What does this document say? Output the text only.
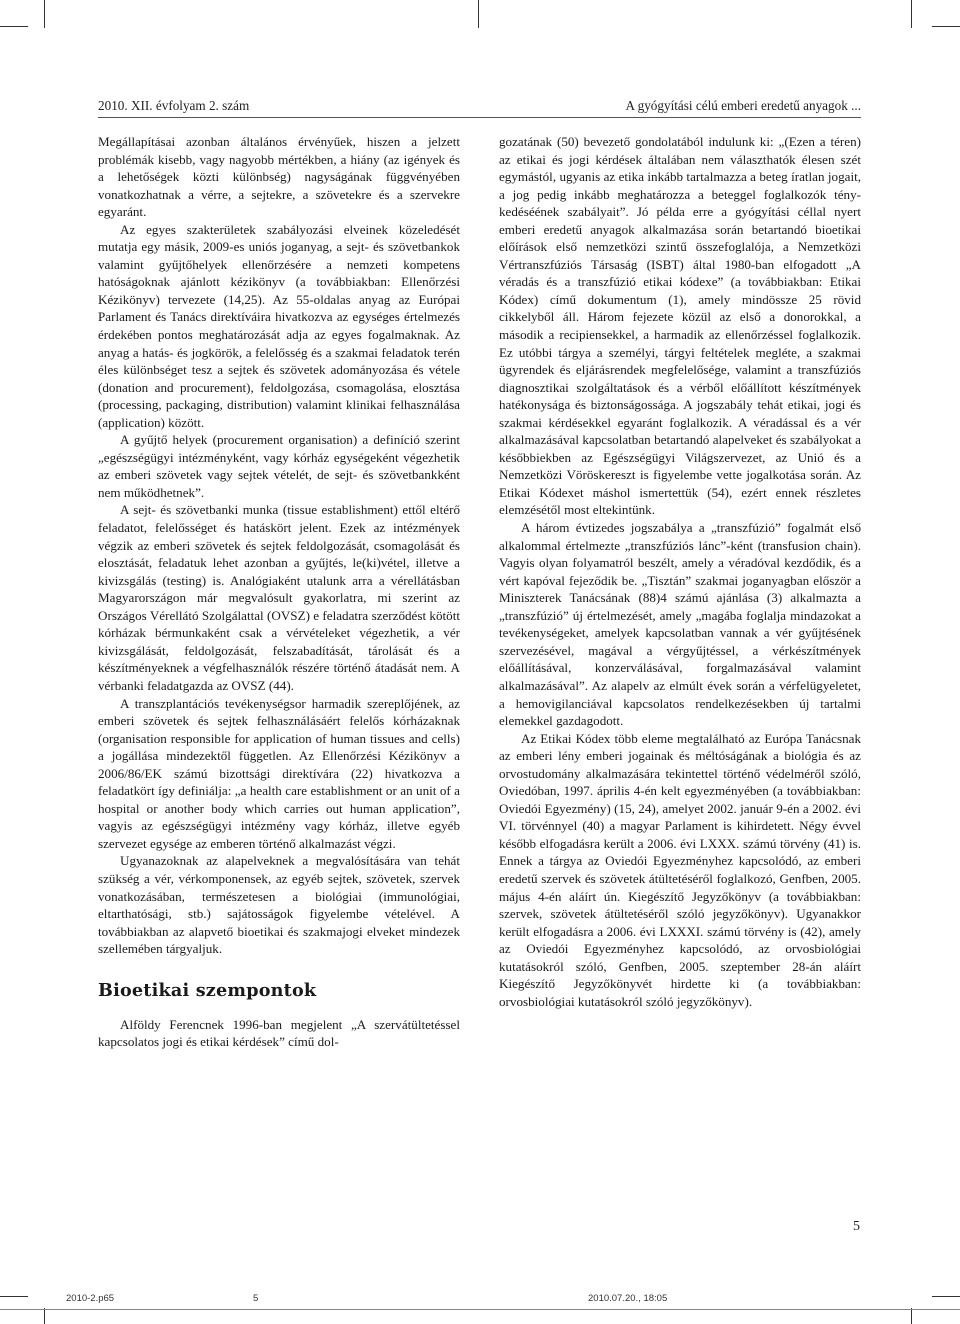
2010. XII. évfolyam 2. szám	A gyógyítási célú emberi eredetű anyagok ...

Megállapításai azonban általános érvényűek, hiszen a jelzett problémák kisebb, vagy nagyobb mértékben, a hiány (az igények és a lehetőségek közti különbség) nagyságának függvényében vonatkozhatnak a vérre, a sejtekre, a szövetekre és a szervekre egyaránt.

Az egyes szakterületek szabályozási elveinek közeledését mutatja egy másik, 2009-es uniós joganyag, a sejt- és szövetbankok valamint gyűjtőhelyek ellenőrzésére a nemzeti kompetens hatóságoknak ajánlott kézikönyv (a továbbiakban: Ellenőrzési Kézikönyv) tervezete (14,25). Az 55-oldalas anyag az Európai Parlament és Tanács direktíváira hivatkozva az egységes értelmezés érdekében pontos meghatározását adja az egyes fogalmaknak. Az anyag a hatás- és jogkörök, a felelősség és a szakmai feladatok terén éles különbséget tesz a sejtek és szövetek adományozása és vétele (donation and procurement), feldolgozása, csomagolása, elosztása (processing, packaging, distribution) valamint klinikai felhasználása (application) között.

A gyűjtő helyek (procurement organisation) a definíció szerint „egészségügyi intézményként, vagy kórház egységeként végezhetik az emberi szövetek vagy sejtek vételét, de sejt- és szövetbankként nem működhetnek”.

A sejt- és szövetbanki munka (tissue establishment) ettől eltérő feladatot, felelősséget és hatáskört jelent. Ezek az intézmények végzik az emberi szövetek és sejtek feldolgozását, csomagolását és elosztását, feladatuk lehet azonban a gyűjtés, le(ki)vétel, illetve a kivizsgálás (testing) is. Analógiaként utalunk arra a vérellátásban Magyarországon már megvalósult gyakorlatra, mi szerint az Országos Vérellátó Szolgálattal (OVSZ) e feladatra szerződést kötött kórházak bérmunkaként csak a vérvételeket végezhetik, a vér kivizsgálását, feldolgozását, felszabadítását, tárolását és a készítményeknek a végfelhasználók részére történő átadását nem. A vérbanki feladatgazda az OVSZ (44).

A transzplantációs tevékenységsor harmadik szereplőjének, az emberi szövetek és sejtek felhasználásáért felelős kórházaknak (organisation responsible for application of human tissues and cells) a jogállása mindezektől független. Az Ellenőrzési Kézikönyv a 2006/86/EK számú bizottsági direktívára (22) hivatkozva a feladatkört így definiálja: „a health care establishment or an unit of a hospital or another body which carries out human application”, vagyis az egészségügyi intézmény vagy kórház, illetve egyéb szervezet egysége az emberen történő alkalmazást végzi.

Ugyanazoknak az alapelveknek a megvalósítására van tehát szükség a vér, vérkomponensek, az egyéb sejtek, szövetek, szervek vonatkozásában, természetesen a biológiai (immunológiai, eltarthatósági, stb.) sajátosságok figyelembe vételével. A továbbiakban az alapvető bioetikai és szakmajogi elveket mindezek szellemében tárgyaljuk.

Bioetikai szempontok

Alföldy Ferencnek 1996-ban megjelent „A szervátültetéssel kapcsolatos jogi és etikai kérdések” című dol-

gozatának (50) bevezető gondolatából indulunk ki: „(Ezen a téren) az etikai és jogi kérdések általában nem választhatók élesen szét egymástól, ugyanis az etika inkább tartalmazza a beteg íratlan jogait, a jog pedig inkább meghatározza a beteggel foglalkozók ténykedéséének szabályait”. Jó példa erre a gyógyítási céllal nyert emberi eredetű anyagok alkalmazása során betartandó bioetikai előírások első nemzetközi szintű összefoglalója, a Nemzetközi Vértranszfúziós Társaság (ISBT) által 1980-ban elfogadott „A véradás és a transzfúzió etikai kódexe” (a továbbiakban: Etikai Kódex) című dokumentum (1), amely mindössze 25 rövid cikkelyből áll. Három fejezete közül az első a donorokkal, a második a recipiensekkel, a harmadik az ellenőrzéssel foglalkozik. Ez utóbbi tárgya a személyi, tárgyi feltételek megléte, a szakmai ügyrendek és eljárásrendek megfelelősége, valamint a transzfúziós diagnosztikai szolgáltatások és a vérből előállított készítmények hatékonysága és biztonságossága. A jogszabály tehát etikai, jogi és szakmai kérdésekkel egyaránt foglalkozik. A véradással és a vér alkalmazásával kapcsolatban betartandó alapelveket és szabályokat a későbbiekben az Egészségügyi Világszervezet, az Unió és a Nemzetközi Vöröskereszt is figyelembe vette jogalkotása során. Az Etikai Kódexet máshol ismertettük (54), ezért ennek részletes elemzésétől most eltekintünk.

A három évtizedes jogszabálya a „transzfúzió” fogalmát első alkalommal értelmezte „transzfúziós lánc”-ként (transfusion chain). Vagyis olyan folyamatról beszélt, amely a véradóval kezdődik, és a vért kapóval fejeződik be. „Tisztán” szakmai joganyagban először a Miniszterek Tanácsának (88)4 számú ajánlása (3) alkalmazta a „transzfúzió” új értelmezését, amely „magába foglalja mindazokat a tevékenységeket, amelyek kapcsolatban vannak a vér gyűjtésének szervezésével, magával a vérgyűjtéssel, a vérkészítmények előállításával, konzerválásával, forgalmazásával valamint alkalmazásával”. Az alapelv az elmúlt évek során a vérfelügyeletet, a hemovigilanciával kapcsolatos rendelkezésekben új tartalmi elemekkel gazdagodott.

Az Etikai Kódex több eleme megtalálható az Európa Tanácsnak az emberi lény emberi jogainak és méltóságának a biológia és az orvostudomány alkalmazására tekintettel történő védelméről szóló, Oviedóban, 1997. április 4-én kelt egyezményében (a továbbiakban: Oviedói Egyezmény) (15, 24), amelyet 2002. január 9-én a 2002. évi VI. törvénnyel (40) a magyar Parlament is kihirdetett. Négy évvel később elfogadásra került a 2006. évi LXXX. számú törvény (41) is. Ennek a tárgya az Oviedói Egyezményhez kapcsolódó, az emberi eredetű szervek és szövetek átültetéséről foglalkozó, Genfben, 2005. május 4-én aláírt ún. Kiegészítő Jegyzőkönyv (a továbbiakban: szervek, szövetek átültetéséről szóló jegyzőkönyv). Ugyanakkor került elfogadásra a 2006. évi LXXXI. számú törvény is (42), amely az Oviedói Egyezményhez kapcsolódó, az orvosbiológiai kutatásokról szóló, Genfben, 2005. szeptember 28-án aláírt Kiegészítő Jegyzőkönyvét hirdette ki (a továbbiakban: orvosbiológiai kutatásokról szóló jegyzőkönyv).

5
2010-2.p65	5	2010.07.20., 18:05
